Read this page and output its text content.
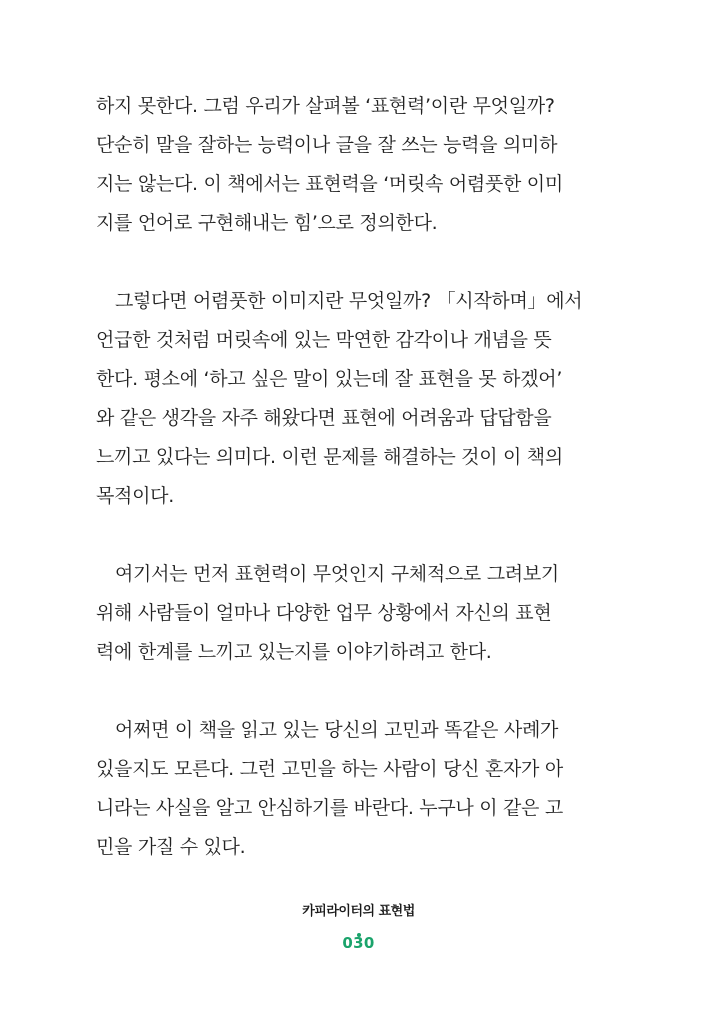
하지 못한다. 그럼 우리가 살펴볼 ‘표현력’이란 무엇일까?
단순히 말을 잘하는 능력이나 글을 잘 쓰는 능력을 의미하
지는 않는다. 이 책에서는 표현력을 ‘머릿속 어렴풋한 이미
지를 언어로 구현해내는 힘’으로 정의한다.
그렇다면 어렴풋한 이미지란 무엇일까? 「시작하며」에서
언급한 것처럼 머릿속에 있는 막연한 감각이나 개념을 뜻
한다. 평소에 ‘하고 싶은 말이 있는데 잘 표현을 못 하겠어’
와 같은 생각을 자주 해왔다면 표현에 어려움과 답답함을
느끼고 있다는 의미다. 이런 문제를 해결하는 것이 이 책의
목적이다.
여기서는 먼저 표현력이 무엇인지 구체적으로 그려보기
위해 사람들이 얼마나 다양한 업무 상황에서 자신의 표현
력에 한계를 느끼고 있는지를 이야기하려고 한다.
어쩌면 이 책을 읽고 있는 당신의 고민과 똑같은 사례가
있을지도 모른다. 그런 고민을 하는 사람이 당신 혼자가 아
니라는 사실을 알고 안심하기를 바란다. 누구나 이 같은 고
민을 가질 수 있다.
카피라이터의 표현법
030
